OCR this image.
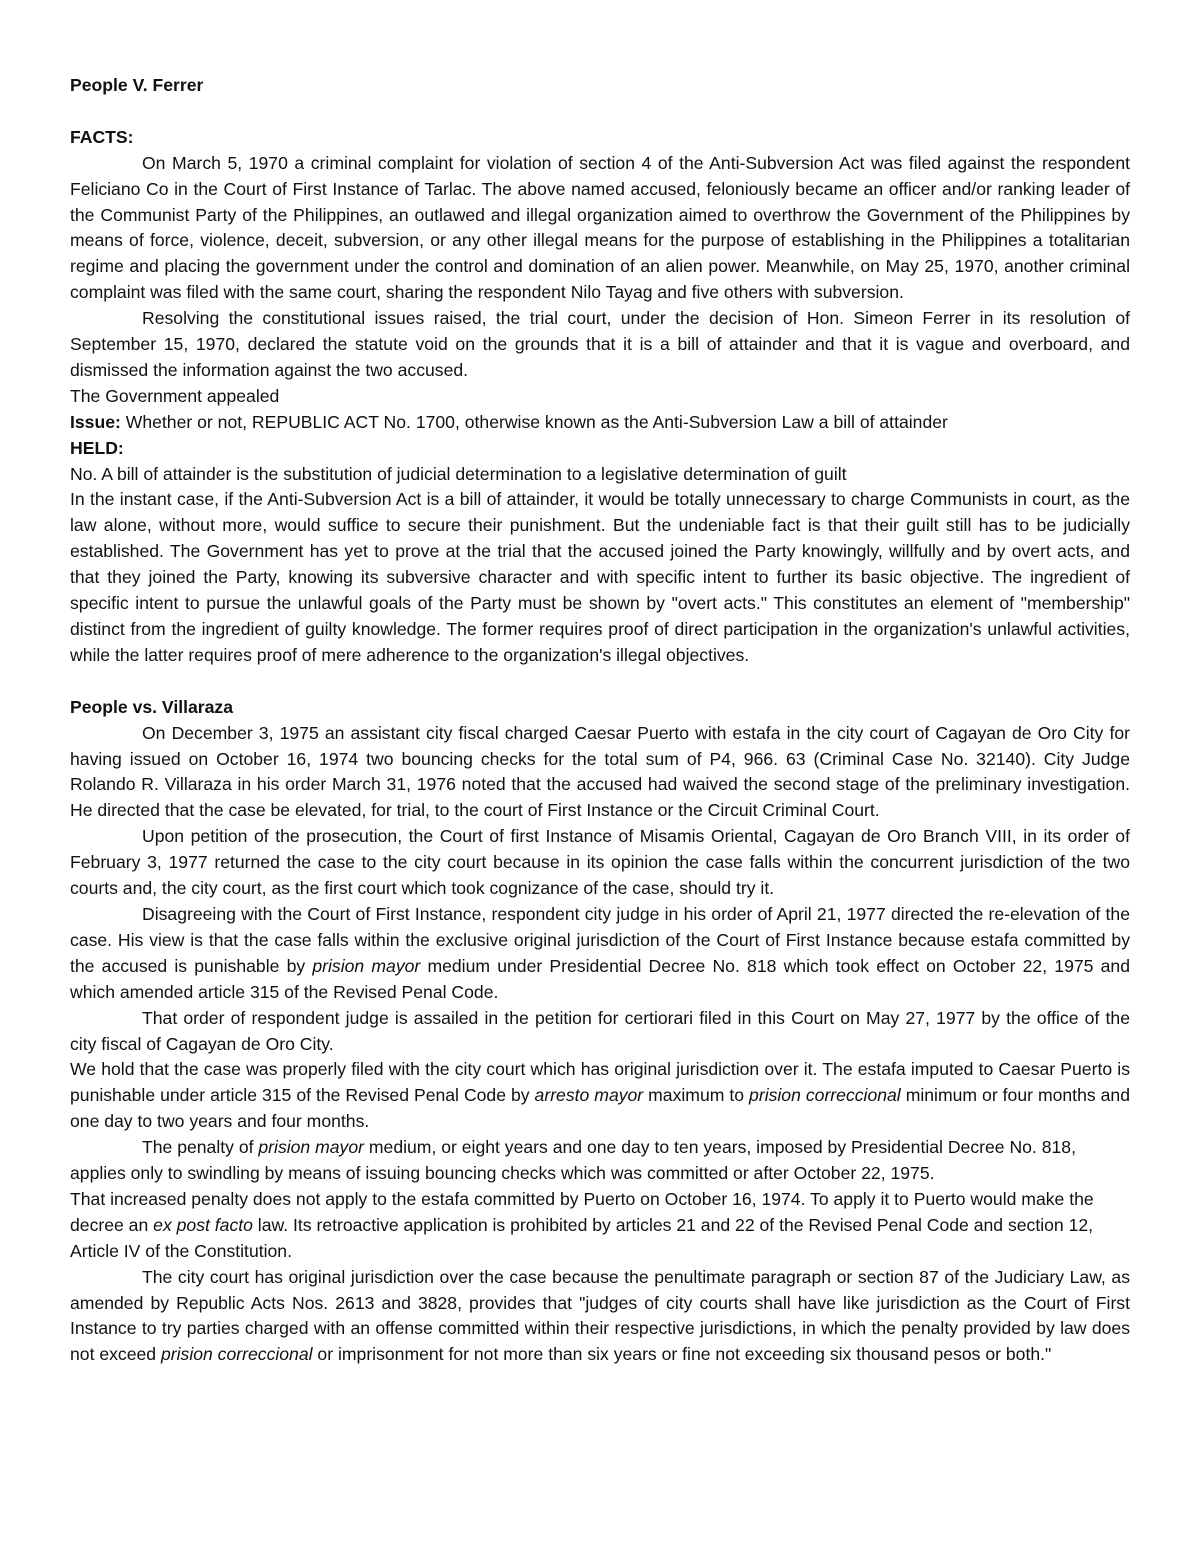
People V. Ferrer

FACTS:

On March 5, 1970 a criminal complaint for violation of section 4 of the Anti-Subversion Act was filed against the respondent Feliciano Co in the Court of First Instance of Tarlac. The above named accused, feloniously became an officer and/or ranking leader of the Communist Party of the Philippines, an outlawed and illegal organization aimed to overthrow the Government of the Philippines by means of force, violence, deceit, subversion, or any other illegal means for the purpose of establishing in the Philippines a totalitarian regime and placing the government under the control and domination of an alien power. Meanwhile, on May 25, 1970, another criminal complaint was filed with the same court, sharing the respondent Nilo Tayag and five others with subversion.

Resolving the constitutional issues raised, the trial court, under the decision of Hon. Simeon Ferrer in its resolution of September 15, 1970, declared the statute void on the grounds that it is a bill of attainder and that it is vague and overboard, and dismissed the information against the two accused.

The Government appealed

Issue: Whether or not, REPUBLIC ACT No. 1700, otherwise known as the Anti-Subversion Law a bill of attainder

HELD:

No. A bill of attainder is the substitution of judicial determination to a legislative determination of guilt

In the instant case, if the Anti-Subversion Act is a bill of attainder, it would be totally unnecessary to charge Communists in court, as the law alone, without more, would suffice to secure their punishment. But the undeniable fact is that their guilt still has to be judicially established. The Government has yet to prove at the trial that the accused joined the Party knowingly, willfully and by overt acts, and that they joined the Party, knowing its subversive character and with specific intent to further its basic objective. The ingredient of specific intent to pursue the unlawful goals of the Party must be shown by "overt acts." This constitutes an element of "membership" distinct from the ingredient of guilty knowledge. The former requires proof of direct participation in the organization's unlawful activities, while the latter requires proof of mere adherence to the organization's illegal objectives.

People vs. Villaraza

On December 3, 1975 an assistant city fiscal charged Caesar Puerto with estafa in the city court of Cagayan de Oro City for having issued on October 16, 1974 two bouncing checks for the total sum of P4, 966. 63 (Criminal Case No. 32140). City Judge Rolando R. Villaraza in his order March 31, 1976 noted that the accused had waived the second stage of the preliminary investigation. He directed that the case be elevated, for trial, to the court of First Instance or the Circuit Criminal Court.

Upon petition of the prosecution, the Court of first Instance of Misamis Oriental, Cagayan de Oro Branch VIII, in its order of February 3, 1977 returned the case to the city court because in its opinion the case falls within the concurrent jurisdiction of the two courts and, the city court, as the first court which took cognizance of the case, should try it.

Disagreeing with the Court of First Instance, respondent city judge in his order of April 21, 1977 directed the re-elevation of the case. His view is that the case falls within the exclusive original jurisdiction of the Court of First Instance because estafa committed by the accused is punishable by prision mayor medium under Presidential Decree No. 818 which took effect on October 22, 1975 and which amended article 315 of the Revised Penal Code.

That order of respondent judge is assailed in the petition for certiorari filed in this Court on May 27, 1977 by the office of the city fiscal of Cagayan de Oro City.

We hold that the case was properly filed with the city court which has original jurisdiction over it. The estafa imputed to Caesar Puerto is punishable under article 315 of the Revised Penal Code by arresto mayor maximum to prision correccional minimum or four months and one day to two years and four months.

The penalty of prision mayor medium, or eight years and one day to ten years, imposed by Presidential Decree No. 818, applies only to swindling by means of issuing bouncing checks which was committed or after October 22, 1975.

That increased penalty does not apply to the estafa committed by Puerto on October 16, 1974. To apply it to Puerto would make the decree an ex post facto law. Its retroactive application is prohibited by articles 21 and 22 of the Revised Penal Code and section 12, Article IV of the Constitution.

The city court has original jurisdiction over the case because the penultimate paragraph or section 87 of the Judiciary Law, as amended by Republic Acts Nos. 2613 and 3828, provides that "judges of city courts shall have like jurisdiction as the Court of First Instance to try parties charged with an offense committed within their respective jurisdictions, in which the penalty provided by law does not exceed prision correccional or imprisonment for not more than six years or fine not exceeding six thousand pesos or both."
